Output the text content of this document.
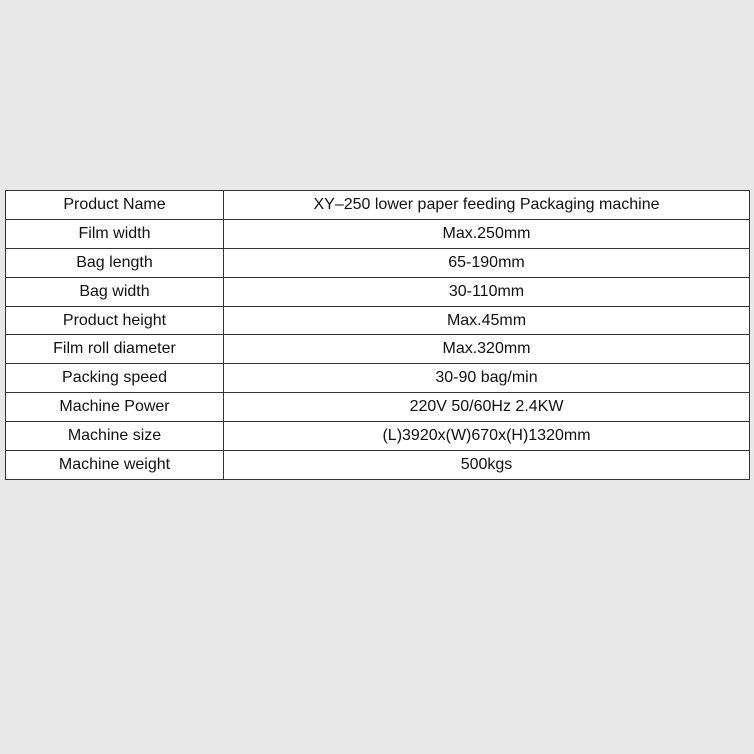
Product Name	XY–250 lower paper feeding Packaging machine
Film width	Max.250mm
Bag length	65-190mm
Bag width	30-110mm
Product height	Max.45mm
Film roll diameter	Max.320mm
Packing speed	30-90 bag/min
Machine Power	220V 50/60Hz 2.4KW
Machine size	(L)3920x(W)670x(H)1320mm
Machine weight	500kgs
